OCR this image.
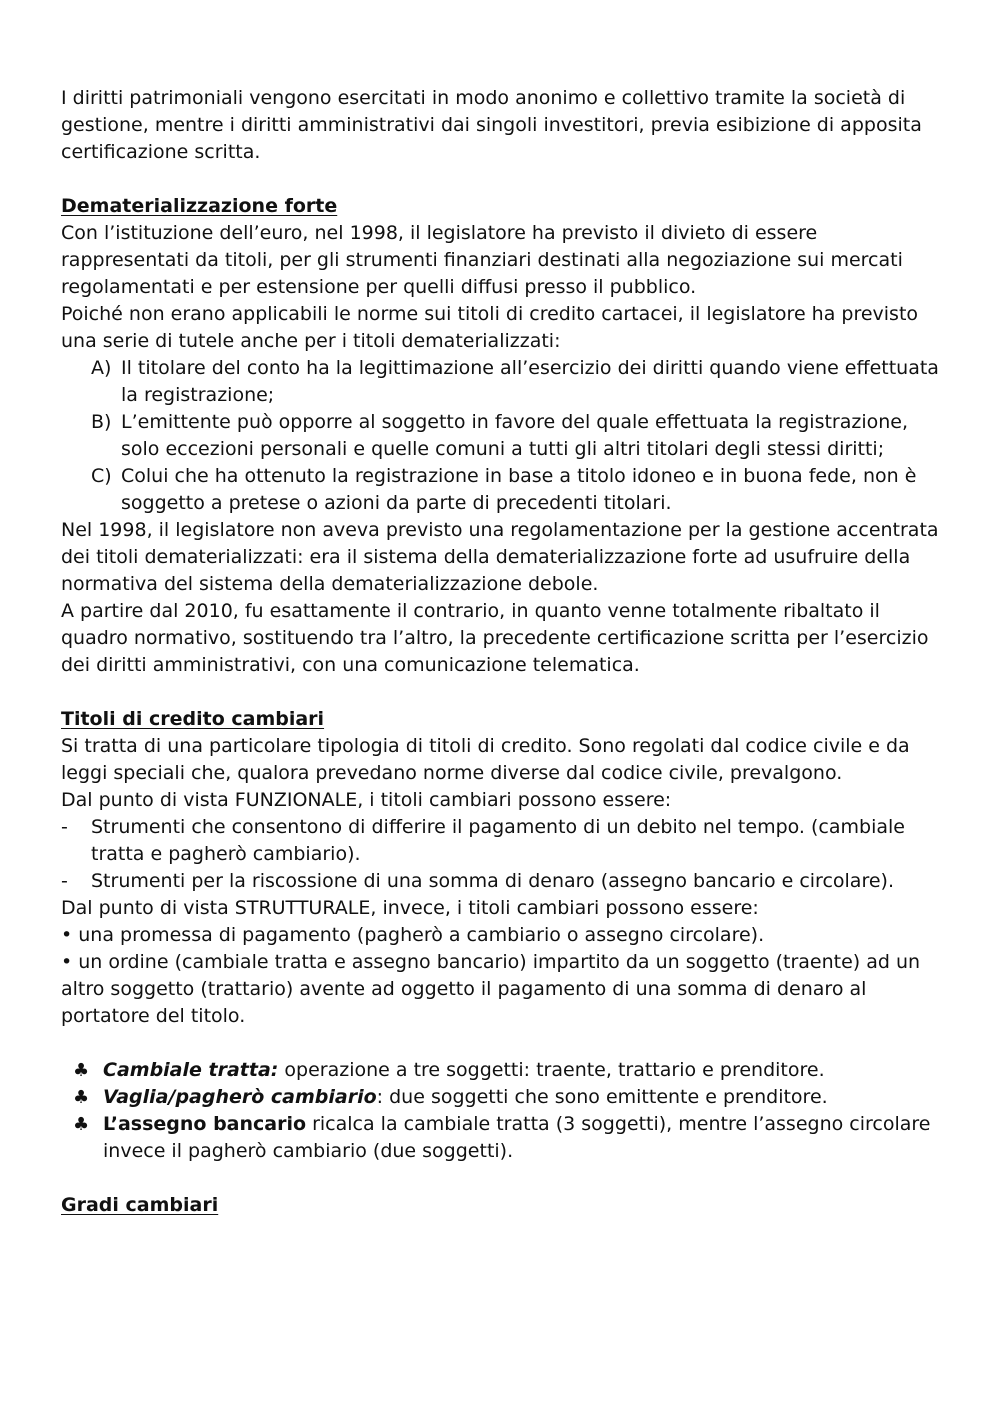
I diritti patrimoniali vengono esercitati in modo anonimo e collettivo tramite la società di gestione, mentre i diritti amministrativi dai singoli investitori, previa esibizione di apposita certificazione scritta.

Dematerializzazione forte

Con l’istituzione dell’euro, nel 1998, il legislatore ha previsto il divieto di essere rappresentati da titoli, per gli strumenti finanziari destinati alla negoziazione sui mercati regolamentati e per estensione per quelli diffusi presso il pubblico.

Poiché non erano applicabili le norme sui titoli di credito cartacei, il legislatore ha previsto una serie di tutele anche per i titoli dematerializzati:

A) Il titolare del conto ha la legittimazione all’esercizio dei diritti quando viene effettuata la registrazione;
B) L’emittente può opporre al soggetto in favore del quale effettuata la registrazione, solo eccezioni personali e quelle comuni a tutti gli altri titolari degli stessi diritti;
C) Colui che ha ottenuto la registrazione in base a titolo idoneo e in buona fede, non è soggetto a pretese o azioni da parte di precedenti titolari.

Nel 1998, il legislatore non aveva previsto una regolamentazione per la gestione accentrata dei titoli dematerializzati: era il sistema della dematerializzazione forte ad usufruire della normativa del sistema della dematerializzazione debole.

A partire dal 2010, fu esattamente il contrario, in quanto venne totalmente ribaltato il quadro normativo, sostituendo tra l’altro, la precedente certificazione scritta per l’esercizio dei diritti amministrativi, con una comunicazione telematica.

Titoli di credito cambiari

Si tratta di una particolare tipologia di titoli di credito. Sono regolati dal codice civile e da leggi speciali che, qualora prevedano norme diverse dal codice civile, prevalgono.

Dal punto di vista FUNZIONALE, i titoli cambiari possono essere:

- Strumenti che consentono di differire il pagamento di un debito nel tempo. (cambiale tratta e pagherò cambiario).
- Strumenti per la riscossione di una somma di denaro (assegno bancario e circolare).

Dal punto di vista STRUTTURALE, invece, i titoli cambiari possono essere:

• una promessa di pagamento (pagherò a cambiario o assegno circolare).

• un ordine (cambiale tratta e assegno bancario) impartito da un soggetto (traente) ad un altro soggetto (trattario) avente ad oggetto il pagamento di una somma di denaro al portatore del titolo.

♣ Cambiale tratta: operazione a tre soggetti: traente, trattario e prenditore.
♣ Vaglia/pagherò cambiario: due soggetti che sono emittente e prenditore.
♣ L’assegno bancario ricalca la cambiale tratta (3 soggetti), mentre l’assegno circolare invece il pagherò cambiario (due soggetti).

Gradi cambiari
